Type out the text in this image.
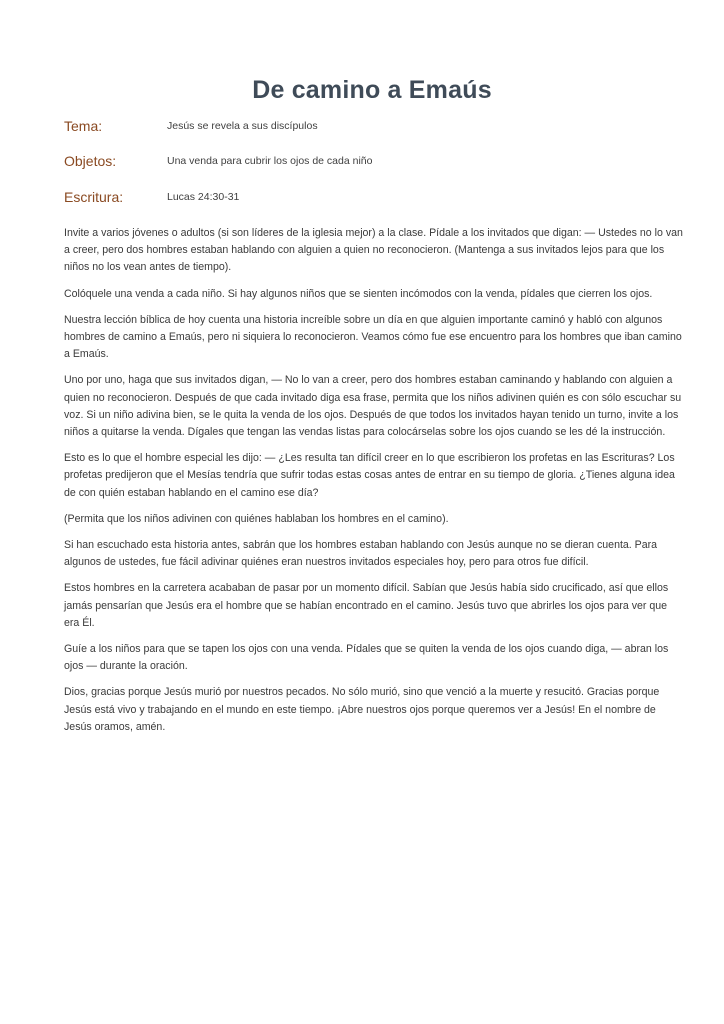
De camino a Emaús
Tema:	Jesús se revela a sus discípulos
Objetos:	Una venda para cubrir los ojos de cada niño
Escritura:	Lucas 24:30-31

Invite a varios jóvenes o adultos (si son líderes de la iglesia mejor) a la clase. Pídale a los invitados que digan: — Ustedes no lo van a creer, pero dos hombres estaban hablando con alguien a quien no reconocieron. (Mantenga a sus invitados lejos para que los niños no los vean antes de tiempo).

Colóquele una venda a cada niño. Si hay algunos niños que se sienten incómodos con la venda, pídales que cierren los ojos.

Nuestra lección bíblica de hoy cuenta una historia increíble sobre un día en que alguien importante caminó y habló con algunos hombres de camino a Emaús, pero ni siquiera lo reconocieron. Veamos cómo fue ese encuentro para los hombres que iban camino a Emaús.

Uno por uno, haga que sus invitados digan, — No lo van a creer, pero dos hombres estaban caminando y hablando con alguien a quien no reconocieron. Después de que cada invitado diga esa frase, permita que los niños adivinen quién es con sólo escuchar su voz. Si un niño adivina bien, se le quita la venda de los ojos. Después de que todos los invitados hayan tenido un turno, invite a los niños a quitarse la venda. Dígales que tengan las vendas listas para colocárselas sobre los ojos cuando se les dé la instrucción.

Esto es lo que el hombre especial les dijo: — ¿Les resulta tan difícil creer en lo que escribieron los profetas en las Escrituras? Los profetas predijeron que el Mesías tendría que sufrir todas estas cosas antes de entrar en su tiempo de gloria. ¿Tienes alguna idea de con quién estaban hablando en el camino ese día?

(Permita que los niños adivinen con quiénes hablaban los hombres en el camino).

Si han escuchado esta historia antes, sabrán que los hombres estaban hablando con Jesús aunque no se dieran cuenta. Para algunos de ustedes, fue fácil adivinar quiénes eran nuestros invitados especiales hoy, pero para otros fue difícil.

Estos hombres en la carretera acababan de pasar por un momento difícil. Sabían que Jesús había sido crucificado, así que ellos jamás pensarían que Jesús era el hombre que se habían encontrado en el camino. Jesús tuvo que abrirles los ojos para ver que era Él.

Guíe a los niños para que se tapen los ojos con una venda. Pídales que se quiten la venda de los ojos cuando diga, — abran los ojos — durante la oración.

Dios, gracias porque Jesús murió por nuestros pecados. No sólo murió, sino que venció a la muerte y resucitó. Gracias porque Jesús está vivo y trabajando en el mundo en este tiempo. ¡Abre nuestros ojos porque queremos ver a Jesús! En el nombre de Jesús oramos, amén.
